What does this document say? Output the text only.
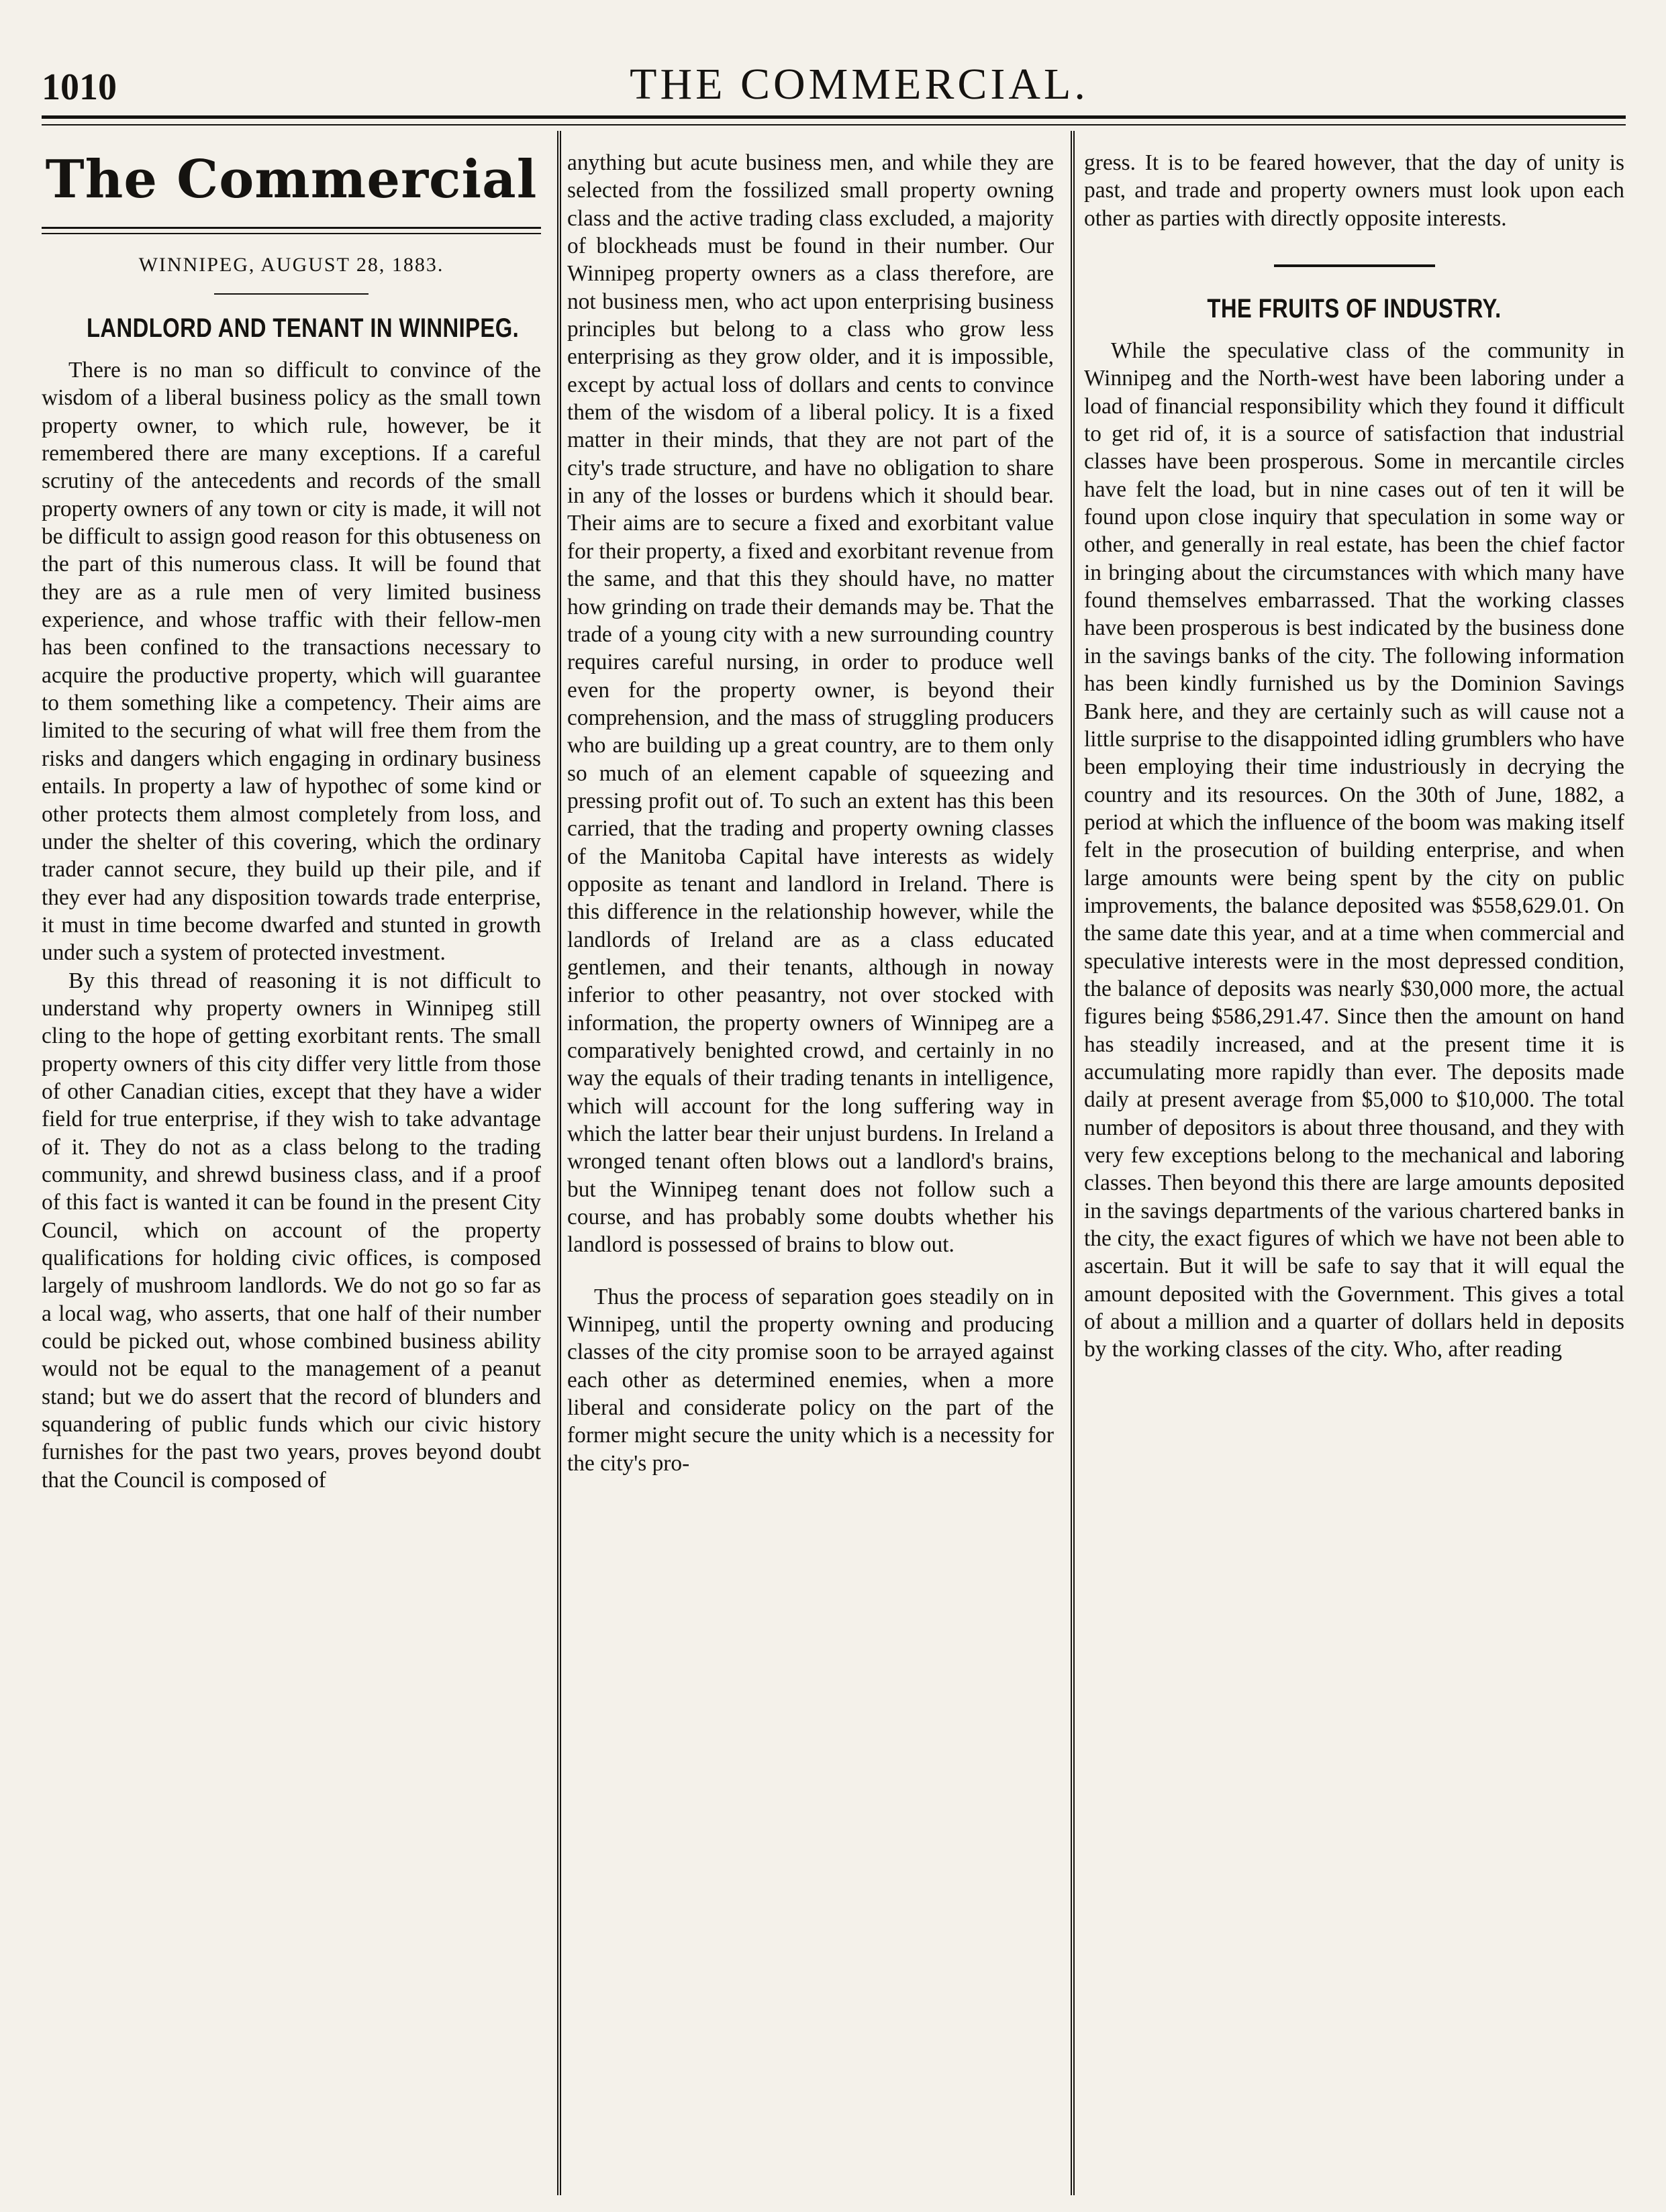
1010	THE COMMERCIAL.
The Commercial
WINNIPEG, AUGUST 28, 1883.
LANDLORD AND TENANT IN WINNIPEG.

There is no man so difficult to convince of the wisdom of a liberal business policy as the small town property owner, to which rule, however, be it remembered there are many exceptions. If a careful scrutiny of the antecedents and records of the small property owners of any town or city is made, it will not be difficult to assign good reason for this obtuseness on the part of this numerous class. It will be found that they are as a rule men of very limited business experience, and whose traffic with their fellow-men has been confined to the transactions necessary to acquire the productive property, which will guarantee to them something like a competency. Their aims are limited to the securing of what will free them from the risks and dangers which engaging in ordinary business entails. In property a law of hypothec of some kind or other protects them almost completely from loss, and under the shelter of this covering, which the ordinary trader cannot secure, they build up their pile, and if they ever had any disposition towards trade enterprise, it must in time become dwarfed and stunted in growth under such a system of protected investment.

By this thread of reasoning it is not difficult to understand why property owners in Winnipeg still cling to the hope of getting exorbitant rents. The small property owners of this city differ very little from those of other Canadian cities, except that they have a wider field for true enterprise, if they wish to take advantage of it. They do not as a class belong to the trading community, and shrewd business class, and if a proof of this fact is wanted it can be found in the present City Council, which on account of the property qualifications for holding civic offices, is composed largely of mushroom landlords. We do not go so far as a local wag, who asserts, that one half of their number could be picked out, whose combined business ability would not be equal to the management of a peanut stand; but we do assert that the record of blunders and squandering of public funds which our civic history furnishes for the past two years, proves beyond doubt that the Council is composed of

anything but acute business men, and while they are selected from the fossilized small property owning class and the active trading class excluded, a majority of blockheads must be found in their number. Our Winnipeg property owners as a class therefore, are not business men, who act upon enterprising business principles but belong to a class who grow less enterprising as they grow older, and it is impossible, except by actual loss of dollars and cents to convince them of the wisdom of a liberal policy. It is a fixed matter in their minds, that they are not part of the city's trade structure, and have no obligation to share in any of the losses or burdens which it should bear. Their aims are to secure a fixed and exorbitant value for their property, a fixed and exorbitant revenue from the same, and that this they should have, no matter how grinding on trade their demands may be. That the trade of a young city with a new surrounding country requires careful nursing, in order to produce well even for the property owner, is beyond their comprehension, and the mass of struggling producers who are building up a great country, are to them only so much of an element capable of squeezing and pressing profit out of. To such an extent has this been carried, that the trading and property owning classes of the Manitoba Capital have interests as widely opposite as tenant and landlord in Ireland. There is this difference in the relationship however, while the landlords of Ireland are as a class educated gentlemen, and their tenants, although in noway inferior to other peasantry, not over stocked with information, the property owners of Winnipeg are a comparatively benighted crowd, and certainly in no way the equals of their trading tenants in intelligence, which will account for the long suffering way in which the latter bear their unjust burdens. In Ireland a wronged tenant often blows out a landlord's brains, but the Winnipeg tenant does not follow such a course, and has probably some doubts whether his landlord is possessed of brains to blow out.

Thus the process of separation goes steadily on in Winnipeg, until the property owning and producing classes of the city promise soon to be arrayed against each other as determined enemies, when a more liberal and considerate policy on the part of the former might secure the unity which is a necessity for the city's pro-

gress. It is to be feared however, that the day of unity is past, and trade and property owners must look upon each other as parties with directly opposite interests.

THE FRUITS OF INDUSTRY.

While the speculative class of the community in Winnipeg and the North-west have been laboring under a load of financial responsibility which they found it difficult to get rid of, it is a source of satisfaction that industrial classes have been prosperous. Some in mercantile circles have felt the load, but in nine cases out of ten it will be found upon close inquiry that speculation in some way or other, and generally in real estate, has been the chief factor in bringing about the circumstances with which many have found themselves embarrassed. That the working classes have been prosperous is best indicated by the business done in the savings banks of the city. The following information has been kindly furnished us by the Dominion Savings Bank here, and they are certainly such as will cause not a little surprise to the disappointed idling grumblers who have been employing their time industriously in decrying the country and its resources. On the 30th of June, 1882, a period at which the influence of the boom was making itself felt in the prosecution of building enterprise, and when large amounts were being spent by the city on public improvements, the balance deposited was $558,629.01. On the same date this year, and at a time when commercial and speculative interests were in the most depressed condition, the balance of deposits was nearly $30,000 more, the actual figures being $586,291.47. Since then the amount on hand has steadily increased, and at the present time it is accumulating more rapidly than ever. The deposits made daily at present average from $5,000 to $10,000. The total number of depositors is about three thousand, and they with very few exceptions belong to the mechanical and laboring classes. Then beyond this there are large amounts deposited in the savings departments of the various chartered banks in the city, the exact figures of which we have not been able to ascertain. But it will be safe to say that it will equal the amount deposited with the Government. This gives a total of about a million and a quarter of dollars held in deposits by the working classes of the city. Who, after reading
